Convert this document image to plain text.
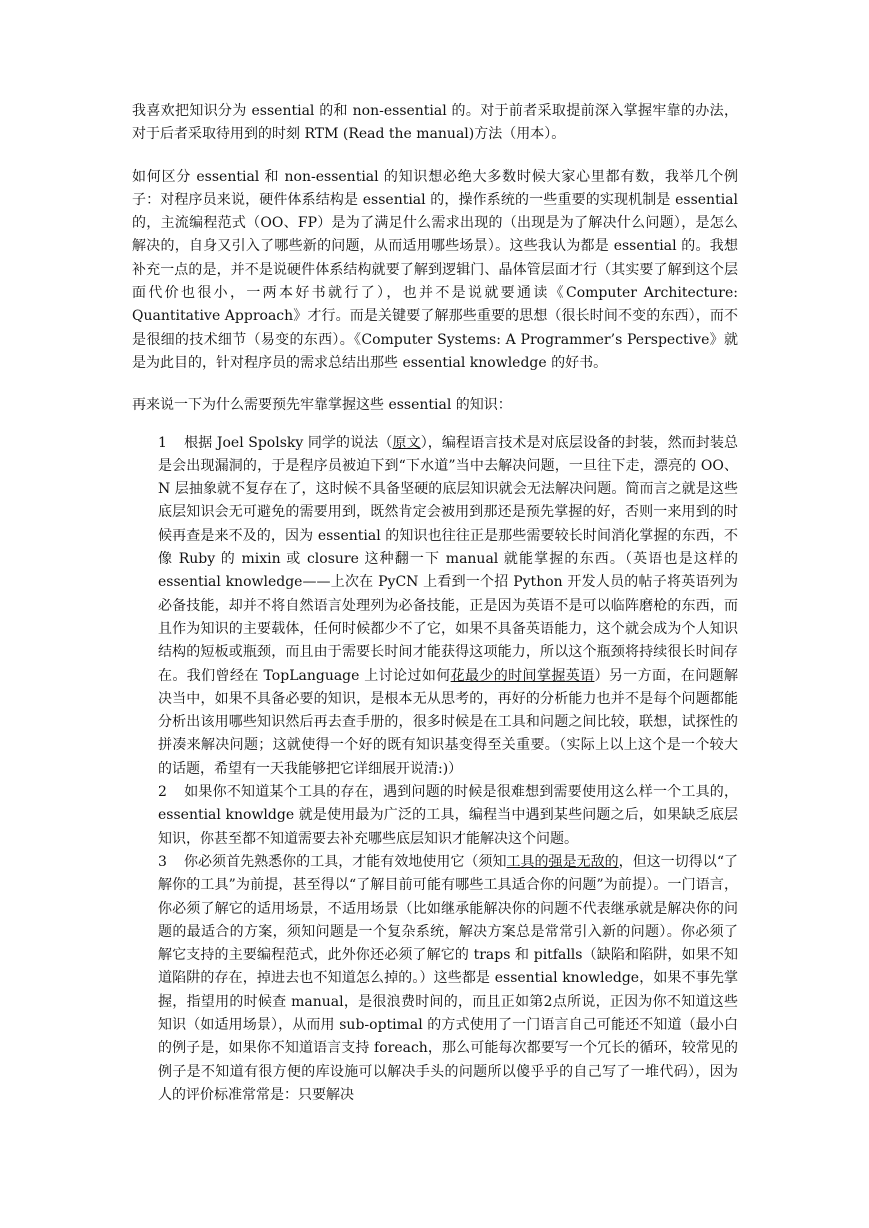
我喜欢把知识分为 essential 的和 non-essential 的。对于前者采取提前深入掌握牢靠的办法，对于后者采取待用到的时刻 RTM (Read the manual)方法（用本）。

如何区分 essential 和 non-essential 的知识想必绝大多数时候大家心里都有数，我举几个例子：对程序员来说，硬件体系结构是 essential 的，操作系统的一些重要的实现机制是 essential 的，主流编程范式（OO、FP）是为了满足什么需求出现的（出现是为了解决什么问题），是怎么解决的，自身又引入了哪些新的问题，从而适用哪些场景）。这些我认为都是 essential 的。我想补充一点的是，并不是说硬件体系结构就要了解到逻辑门、晶体管层面才行（其实要了解到这个层面代价也很小，一两本好书就行了），也并不是说就要通读《Computer Architecture: Quantitative Approach》才行。而是关键要了解那些重要的思想（很长时间不变的东西），而不是很细的技术细节（易变的东西）。《Computer Systems: A Programmer’s Perspective》就是为此目的，针对程序员的需求总结出那些 essential knowledge 的好书。

再来说一下为什么需要预先牢靠掌握这些 essential 的知识：

1 根据 Joel Spolsky 同学的说法（原文），编程语言技术是对底层设备的封装，然而封装总是会出现漏洞的，于是程序员被迫下到“下水道”当中去解决问题，一旦往下走，漂亮的 OO、N 层抽象就不复存在了，这时候不具备坚硬的底层知识就会无法解决问题。简而言之就是这些底层知识会无可避免的需要用到，既然肯定会被用到那还是预先掌握的好，否则一来用到的时候再查是来不及的，因为 essential 的知识也往往正是那些需要较长时间消化掌握的东西，不像 Ruby 的 mixin 或 closure 这种翻一下 manual 就能掌握的东西。（英语也是这样的 essential knowledge——上次在 PyCN 上看到一个招 Python 开发人员的帖子将英语列为必备技能，却并不将自然语言处理列为必备技能，正是因为英语不是可以临阵磨枪的东西，而且作为知识的主要载体，任何时候都少不了它，如果不具备英语能力，这个就会成为个人知识结构的短板或瓶颈，而且由于需要长时间才能获得这项能力，所以这个瓶颈将持续很长时间存在。我们曾经在 TopLanguage 上讨论过如何花最少的时间掌握英语）另一方面，在问题解决当中，如果不具备必要的知识，是根本无从思考的，再好的分析能力也并不是每个问题都能分析出该用哪些知识然后再去查手册的，很多时候是在工具和问题之间比较，联想，试探性的拼凑来解决问题；这就使得一个好的既有知识基变得至关重要。（实际上以上这个是一个较大的话题，希望有一天我能够把它详细展开说清:)）

2 如果你不知道某个工具的存在，遇到问题的时候是很难想到需要使用这么样一个工具的，essential knowldge 就是使用最为广泛的工具，编程当中遇到某些问题之后，如果缺乏底层知识，你甚至都不知道需要去补充哪些底层知识才能解决这个问题。

3 你必须首先熟悉你的工具，才能有效地使用它（须知工具的强是无敌的，但这一切得以“了解你的工具”为前提，甚至得以“了解目前可能有哪些工具适合你的问题”为前提）。一门语言，你必须了解它的适用场景，不适用场景（比如继承能解决你的问题不代表继承就是解决你的问题的最适合的方案，须知问题是一个复杂系统，解决方案总是常常引入新的问题）。你必须了解它支持的主要编程范式，此外你还必须了解它的 traps 和 pitfalls（缺陷和陷阱，如果不知道陷阱的存在，掉进去也不知道怎么掉的。）这些都是 essential knowledge，如果不事先掌握，指望用的时候查 manual，是很浪费时间的，而且正如第2点所说，正因为你不知道这些知识（如适用场景），从而用 sub-optimal 的方式使用了一门语言自己可能还不知道（最小白的例子是，如果你不知道语言支持 foreach，那么可能每次都要写一个冗长的循环，较常见的例子是不知道有很方便的库设施可以解决手头的问题所以傻乎乎的自己写了一堆代码），因为人的评价标准常常是：只要解决
